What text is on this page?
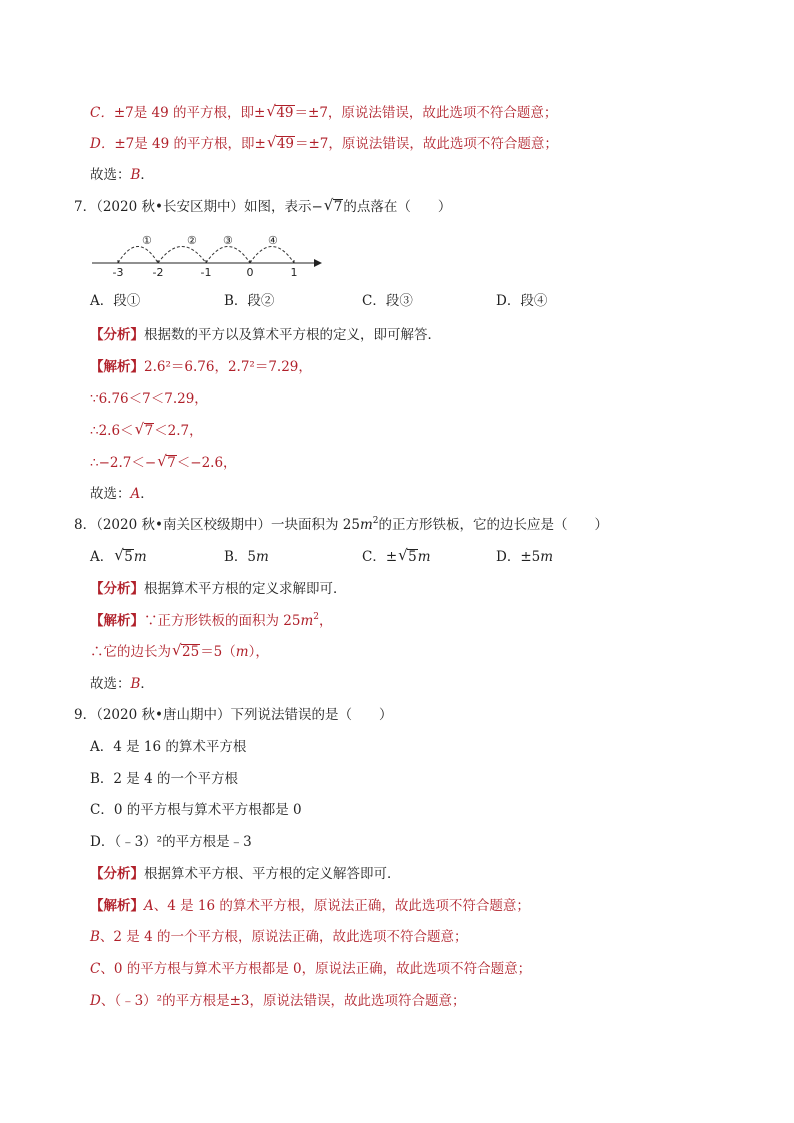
C．±7是 49 的平方根，即± √ 49＝±7，原说法错误，故此选项不符合题意；
D．±7是 49 的平方根，即± √ 49＝±7，原说法错误，故此选项不符合题意；
故选：B．
7．（2020 秋•长安区期中）如图，表示− √ 7的点落在（　　）
①	② ③	④
-3	-2	-1	0	1
A．段①	B．段②	C．段③	D．段④
【分析】根据数的平方以及算术平方根的定义，即可解答．
【解析】2.6²＝6.76，2.7²＝7.29，
∵6.76＜7＜7.29，
∴2.6＜ √ 7＜2.7，
∴−2.7＜− √ 7＜−2.6，
故选：A．
8．（2020 秋•南关区校级期中）一块面积为 $25m^2$的正方形铁板，它的边长应是（　　）
A． √ 5m	B．5m	C．± √ 5m	D．±5m
【分析】根据算术平方根的定义求解即可．
【解析】∵正方形铁板的面积为 $25m^2$，
∴它的边长为 √ 25＝5（m），
故选：B．
9．（2020 秋•唐山期中）下列说法错误的是（　　）
A．4 是 16 的算术平方根
B．2 是 4 的一个平方根
C．0 的平方根与算术平方根都是 0
D．（﹣3）²的平方根是﹣3
【分析】根据算术平方根、平方根的定义解答即可．
【解析】A、4 是 16 的算术平方根，原说法正确，故此选项不符合题意；
B、2 是 4 的一个平方根，原说法正确，故此选项不符合题意；
C、0 的平方根与算术平方根都是 0，原说法正确，故此选项不符合题意；
D、（﹣3）²的平方根是±3，原说法错误，故此选项符合题意；
